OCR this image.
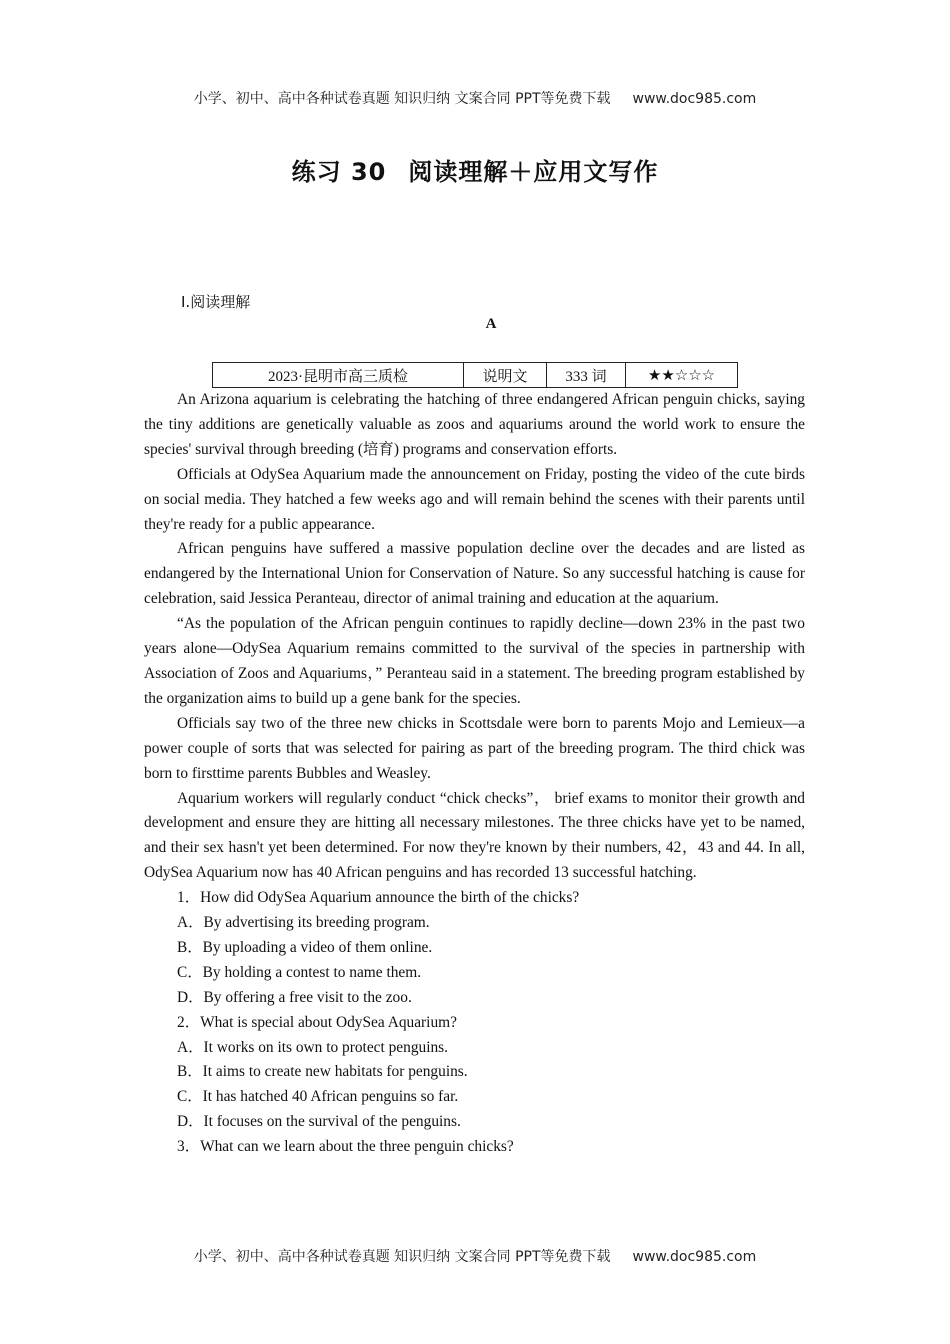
小学、初中、高中各种试卷真题 知识归纳 文案合同 PPT等免费下载 www.doc985.com
练习 30 阅读理解＋应用文写作
Ⅰ.阅读理解
A
2023·昆明市高三质检	说明文	333 词	★★☆☆☆

An Arizona aquarium is celebrating the hatching of three endangered African penguin chicks, saying the tiny additions are genetically valuable as zoos and aquariums around the world work to ensure the species' survival through breeding (培育) programs and conservation efforts.

Officials at OdySea Aquarium made the announcement on Friday, posting the video of the cute birds on social media. They hatched a few weeks ago and will remain behind the scenes with their parents until they're ready for a public appearance.

African penguins have suffered a massive population decline over the decades and are listed as endangered by the International Union for Conservation of Nature. So any successful hatching is cause for celebration, said Jessica Peranteau, director of animal training and education at the aquarium.

“As the population of the African penguin continues to rapidly decline—down 23% in the past two years alone—OdySea Aquarium remains committed to the survival of the species in partnership with Association of Zoos and Aquariums，” Peranteau said in a statement. The breeding program established by the organization aims to build up a gene bank for the species.

Officials say two of the three new chicks in Scottsdale were born to parents Mojo and Lemieux—a power couple of sorts that was selected for pairing as part of the breeding program. The third chick was born to firsttime parents Bubbles and Weasley.

Aquarium workers will regularly conduct “chick checks”， brief exams to monitor their growth and development and ensure they are hitting all necessary milestones. The three chicks have yet to be named, and their sex hasn't yet been determined. For now they're known by their numbers, 42，43 and 44. In all, OdySea Aquarium now has 40 African penguins and has recorded 13 successful hatching.

1．How did OdySea Aquarium announce the birth of the chicks?

A．By advertising its breeding program.

B．By uploading a video of them online.

C．By holding a contest to name them.

D．By offering a free visit to the zoo.

2．What is special about OdySea Aquarium?

A．It works on its own to protect penguins.

B．It aims to create new habitats for penguins.

C．It has hatched 40 African penguins so far.

D．It focuses on the survival of the penguins.

3．What can we learn about the three penguin chicks?

小学、初中、高中各种试卷真题 知识归纳 文案合同 PPT等免费下载 www.doc985.com
